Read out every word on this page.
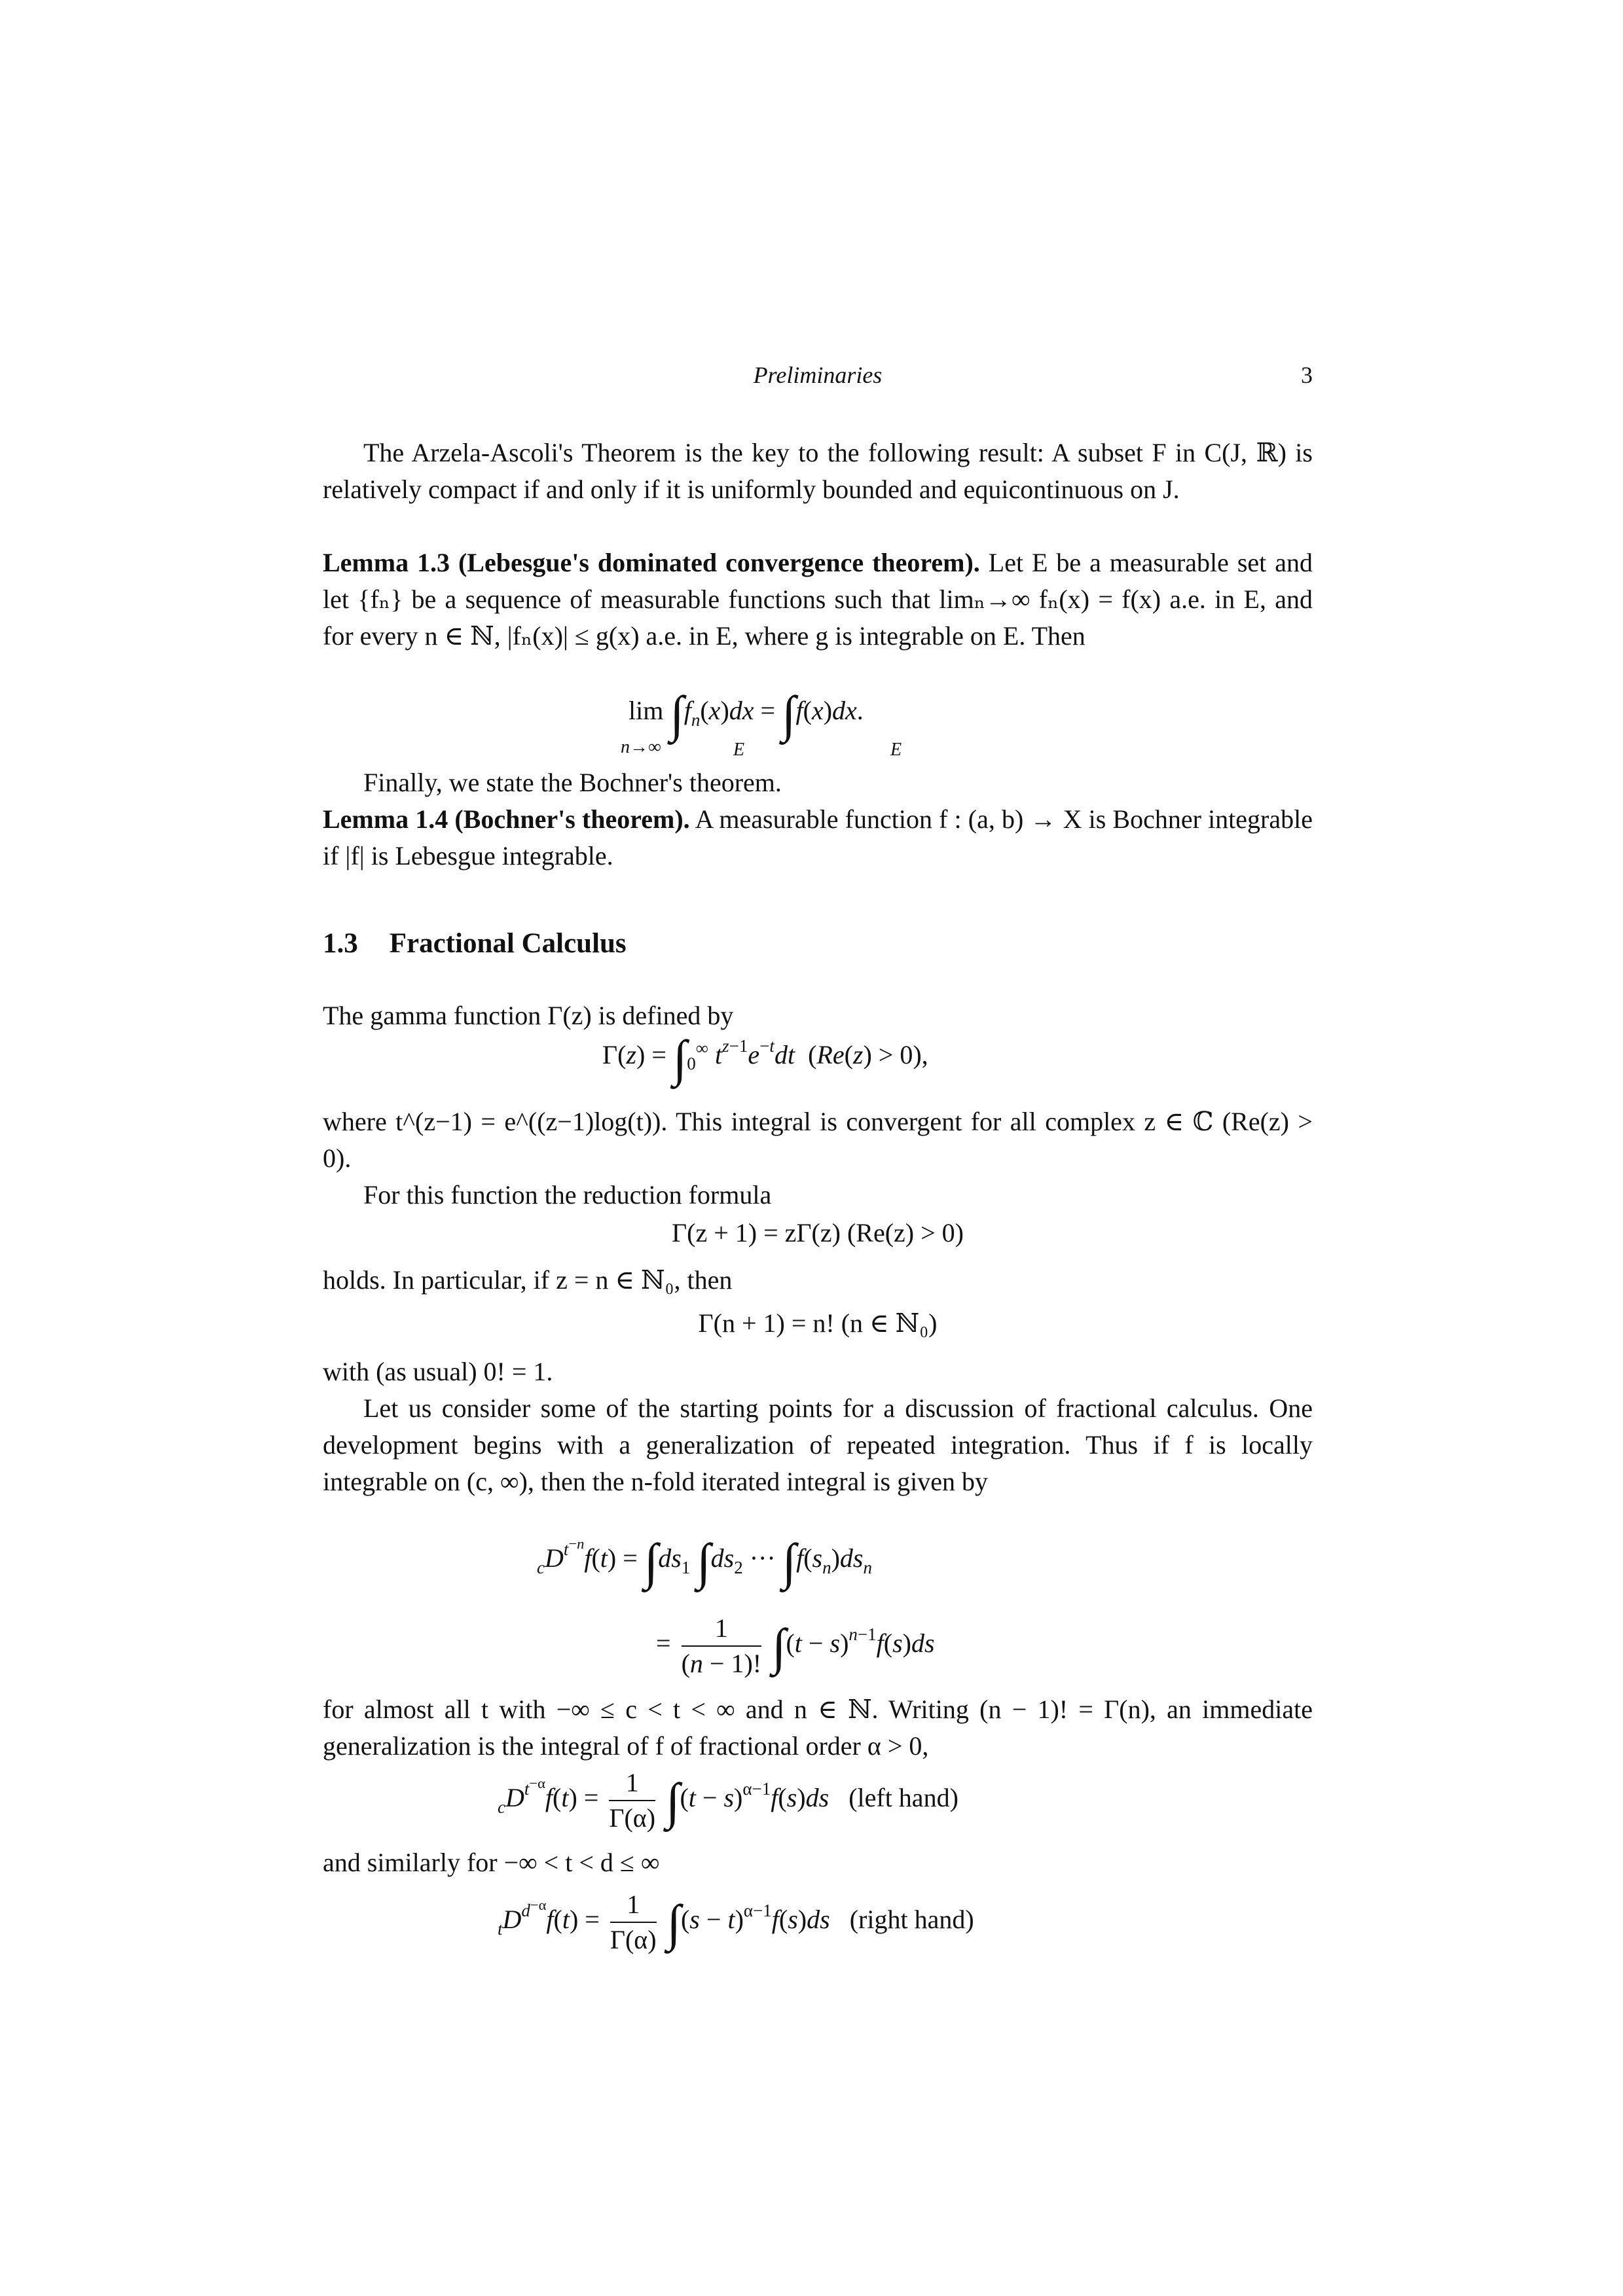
Preliminaries	3
The Arzela-Ascoli's Theorem is the key to the following result: A subset F in C(J, ℝ) is relatively compact if and only if it is uniformly bounded and equicontinuous on J.
Lemma 1.3 (Lebesgue's dominated convergence theorem). Let E be a measurable set and let {fₙ} be a sequence of measurable functions such that limₙ→∞ fₙ(x) = f(x) a.e. in E, and for every n ∈ ℕ, |fₙ(x)| ≤ g(x) a.e. in E, where g is integrable on E. Then
$\lim \int f_n(x)dx = \int f(x)dx$.
n→∞	E	E
Finally, we state the Bochner's theorem.
Lemma 1.4 (Bochner's theorem). A measurable function f : (a, b) → X is Bochner integrable if |f| is Lebesgue integrable.
1.3 Fractional Calculus
The gamma function Γ(z) is defined by
$\Gamma(z) = \int_0^\infty$ $t^{z-1}e^{-t}dt$  (Re(z) > 0),
where t^(z−1) = e^((z−1)log(t)). This integral is convergent for all complex z ∈ ℂ (Re(z) > 0).
For this function the reduction formula
Γ(z + 1) = zΓ(z) (Re(z) > 0)
holds. In particular, if z = n ∈ ℕ₀, then
Γ(n + 1) = n! (n ∈ ℕ₀)
with (as usual) 0! = 1.
Let us consider some of the starting points for a discussion of fractional calculus. One development begins with a generalization of repeated integration. Thus if f is locally integrable on (c, ∞), then the n-fold iterated integral is given by
$_cD^{t^{-n}}f(t) = \int ds_1$ $\int ds_2$ ··· $\int f(s_n)ds_n$
= $\frac{1}{(n - 1)!} \int(t - s)^{n-1}f(s)ds$
for almost all t with −∞ ≤ c < t < ∞ and n ∈ ℕ. Writing (n − 1)! = Γ(n), an immediate generalization is the integral of f of fractional order α > 0,
$_cD^{t^{-\alpha}}f(t) = \frac{1}{\Gamma(\alpha)} \int(t - s)^{\alpha-1}f(s)ds$   (left hand)
and similarly for −∞ < t < d ≤ ∞
$_tD^{d^{-\alpha}}f(t) = \frac{1}{\Gamma(\alpha)} \int(s - t)^{\alpha-1}f(s)ds$   (right hand)
